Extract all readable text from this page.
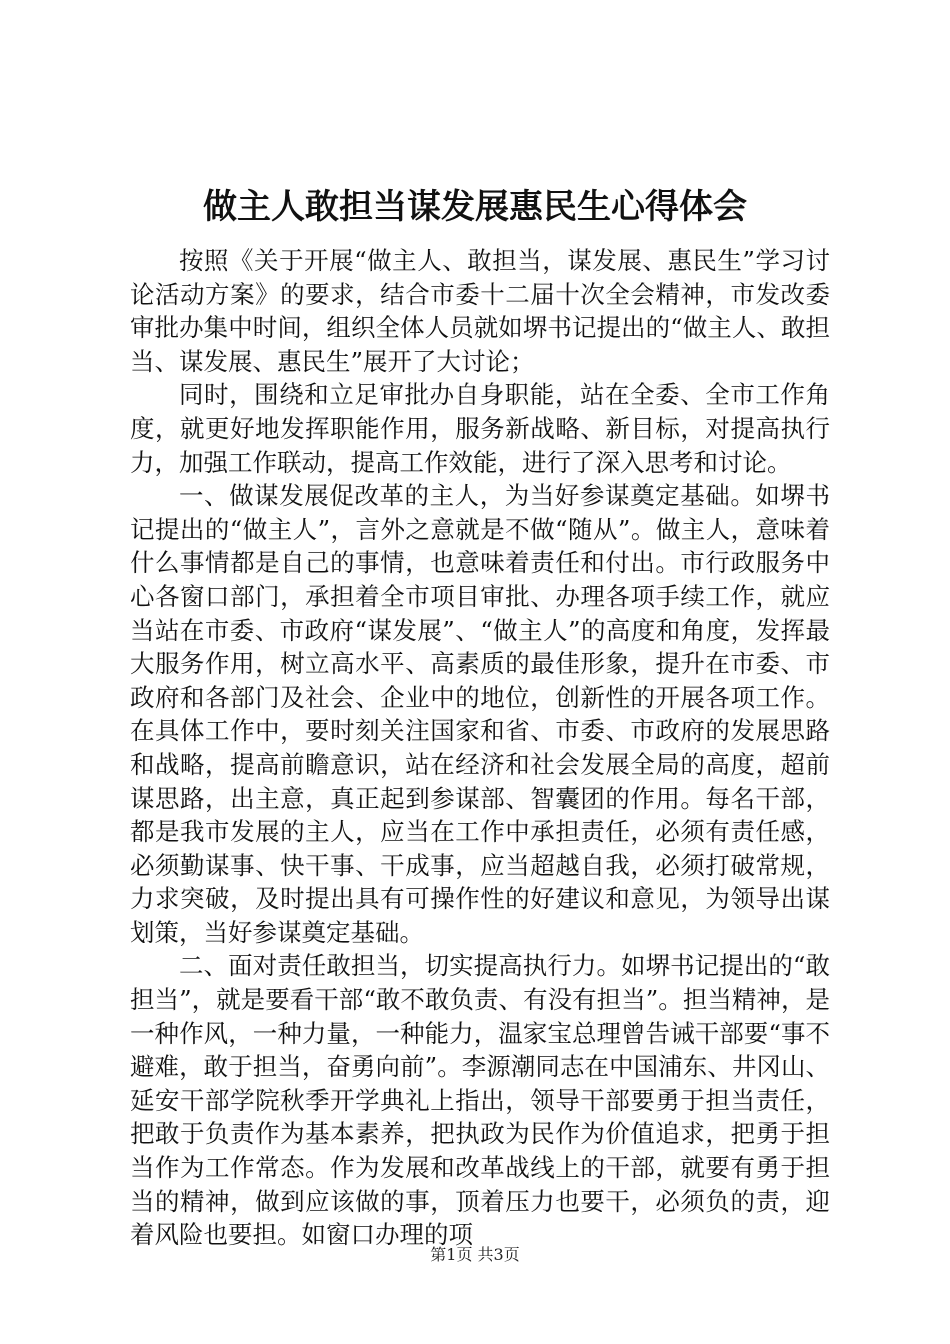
做主人敢担当谋发展惠民生心得体会

按照《关于开展“做主人、敢担当，谋发展、惠民生”学习讨论活动方案》的要求，结合市委十二届十次全会精神，市发改委审批办集中时间，组织全体人员就如堺书记提出的“做主人、敢担当、谋发展、惠民生”展开了大讨论；

同时，围绕和立足审批办自身职能，站在全委、全市工作角度，就更好地发挥职能作用，服务新战略、新目标，对提高执行力，加强工作联动，提高工作效能，进行了深入思考和讨论。

一、做谋发展促改革的主人，为当好参谋奠定基础。如堺书记提出的“做主人”，言外之意就是不做“随从”。做主人，意味着什么事情都是自己的事情，也意味着责任和付出。市行政服务中心各窗口部门，承担着全市项目审批、办理各项手续工作，就应当站在市委、市政府“谋发展”、“做主人”的高度和角度，发挥最大服务作用，树立高水平、高素质的最佳形象，提升在市委、市政府和各部门及社会、企业中的地位，创新性的开展各项工作。在具体工作中，要时刻关注国家和省、市委、市政府的发展思路和战略，提高前瞻意识，站在经济和社会发展全局的高度，超前谋思路，出主意，真正起到参谋部、智囊团的作用。每名干部，都是我市发展的主人，应当在工作中承担责任，必须有责任感，必须勤谋事、快干事、干成事，应当超越自我，必须打破常规，力求突破，及时提出具有可操作性的好建议和意见，为领导出谋划策，当好参谋奠定基础。

二、面对责任敢担当，切实提高执行力。如堺书记提出的“敢担当”，就是要看干部“敢不敢负责、有没有担当”。担当精神，是一种作风，一种力量，一种能力，温家宝总理曾告诫干部要“事不避难，敢于担当，奋勇向前”。李源潮同志在中国浦东、井冈山、延安干部学院秋季开学典礼上指出，领导干部要勇于担当责任，把敢于负责作为基本素养，把执政为民作为价值追求，把勇于担当作为工作常态。作为发展和改革战线上的干部，就要有勇于担当的精神，做到应该做的事，顶着压力也要干，必须负的责，迎着风险也要担。如窗口办理的项

第1页 共3页
